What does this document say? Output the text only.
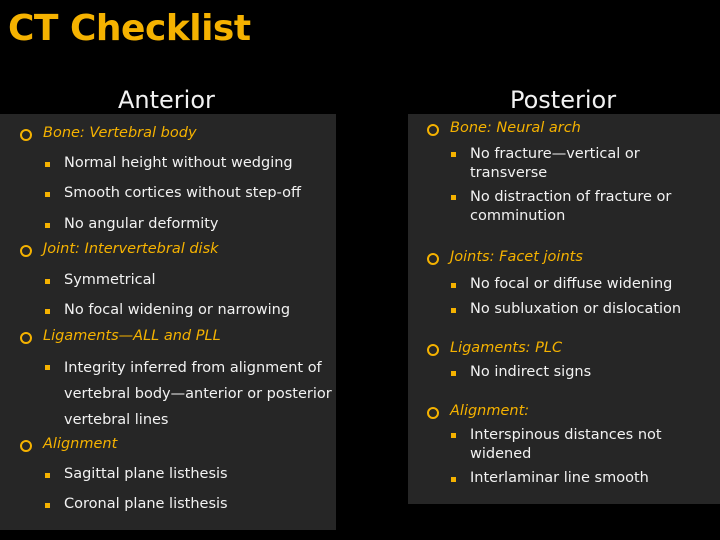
CT Checklist
Anterior	Posterior
Bone: Vertebral body
Normal height without wedging
Smooth cortices without step-off
No angular deformity
Joint: Intervertebral disk
Symmetrical
No focal widening or narrowing
Ligaments—ALL and PLL
Integrity inferred from alignment of vertebral body—anterior or posterior vertebral lines
Alignment
Sagittal plane listhesis
Coronal plane listhesis
Bone: Neural arch
No fracture—vertical or transverse
No distraction of fracture or comminution
Joints: Facet joints
No focal or diffuse widening
No subluxation or dislocation
Ligaments: PLC
No indirect signs
Alignment:
Interspinous distances not widened
Interlaminar line smooth
